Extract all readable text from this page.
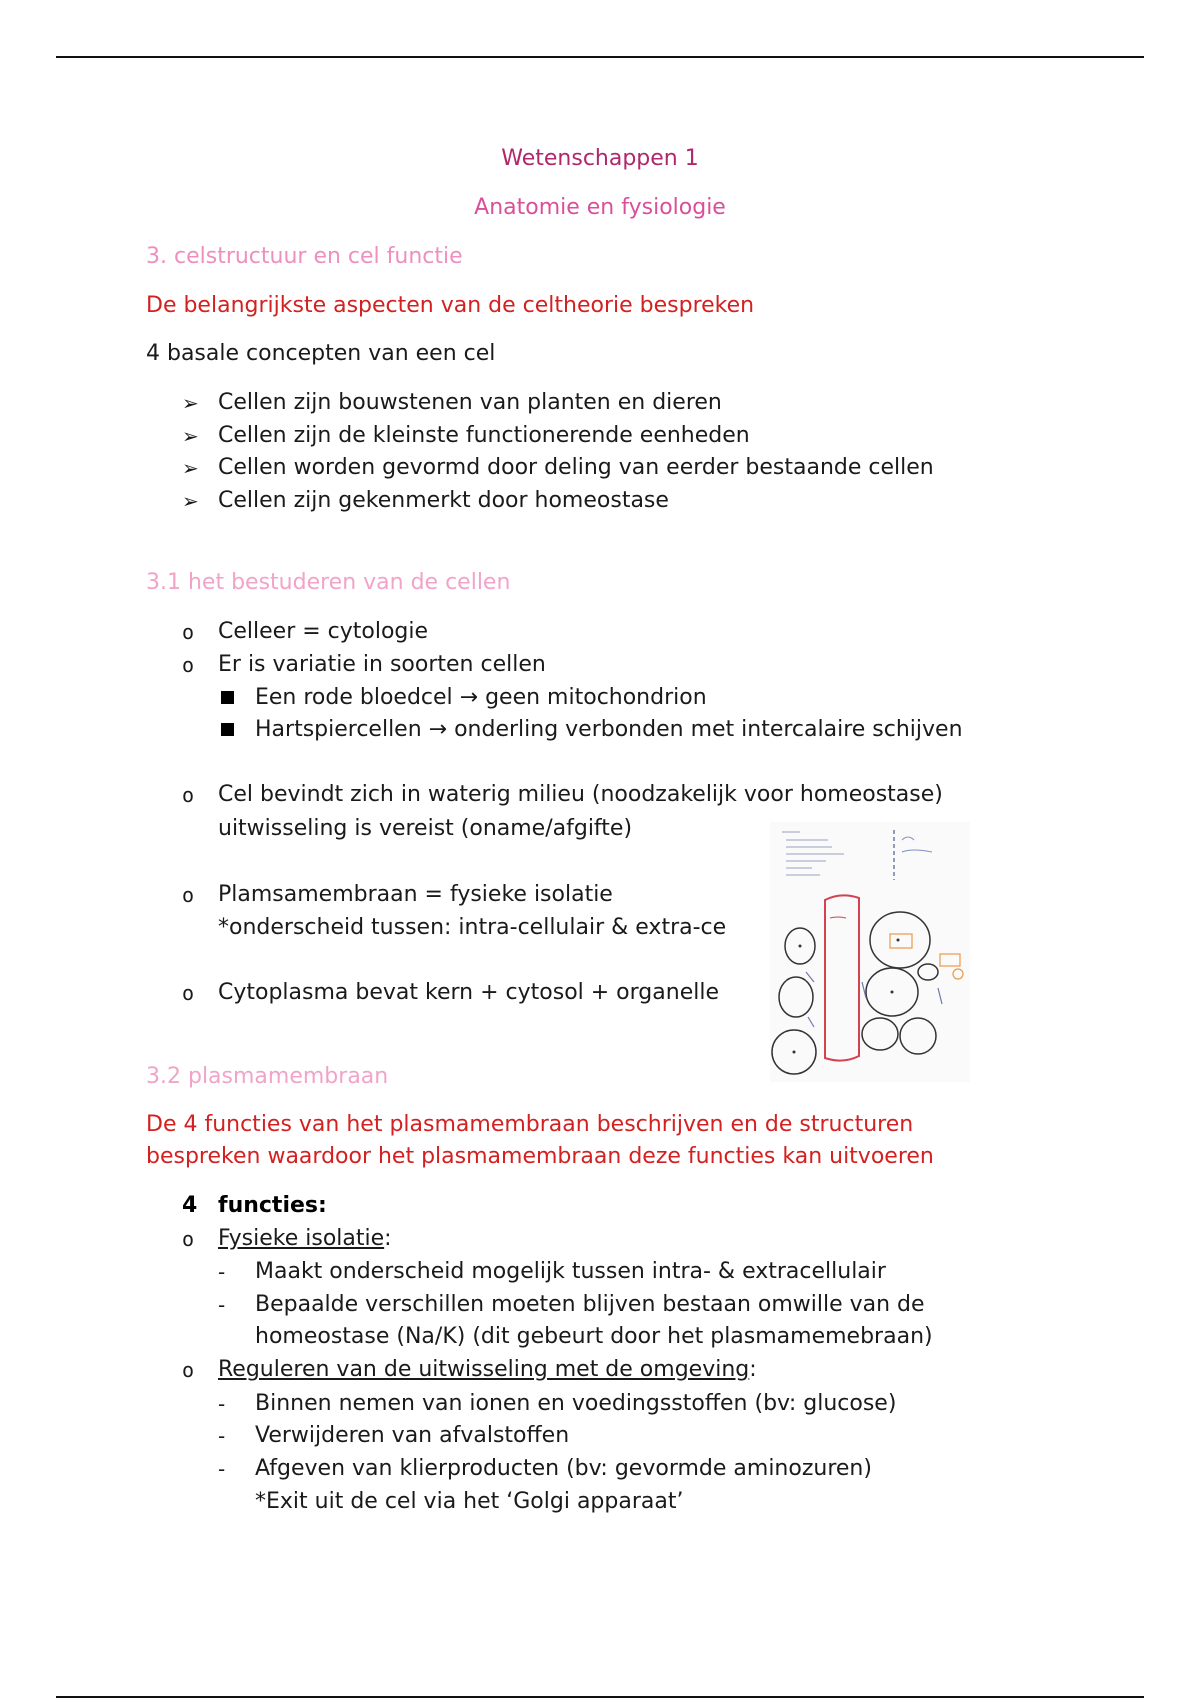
Wetenschappen 1
Anatomie en fysiologie
3. celstructuur en cel functie
De belangrijkste aspecten van de celtheorie bespreken
4 basale concepten van een cel
➢ Cellen zijn bouwstenen van planten en dieren
➢ Cellen zijn de kleinste functionerende eenheden
➢ Cellen worden gevormd door deling van eerder bestaande cellen
➢ Cellen zijn gekenmerkt door homeostase
3.1 het bestuderen van de cellen
o Celleer = cytologie
o Er is variatie in soorten cellen
Een rode bloedcel → geen mitochondrion
Hartspiercellen → onderling verbonden met intercalaire schijven
o Cel bevindt zich in waterig milieu (noodzakelijk voor homeostase)
uitwisseling is vereist (oname/afgifte)
o Plamsamembraan = fysieke isolatie
*onderscheid tussen: intra-cellulair & extra-ce
o Cytoplasma bevat kern + cytosol + organelle
3.2 plasmamembraan
De 4 functies van het plasmamembraan beschrijven en de structuren
bespreken waardoor het plasmamembraan deze functies kan uitvoeren
4 functies:
o Fysieke isolatie:
- Maakt onderscheid mogelijk tussen intra- & extracellulair
- Bepaalde verschillen moeten blijven bestaan omwille van de
homeostase (Na/K) (dit gebeurt door het plasmamemebraan)
o Reguleren van de uitwisseling met de omgeving:
- Binnen nemen van ionen en voedingsstoffen (bv: glucose)
- Verwijderen van afvalstoffen
- Afgeven van klierproducten (bv: gevormde aminozuren)
*Exit uit de cel via het ‘Golgi apparaat’
